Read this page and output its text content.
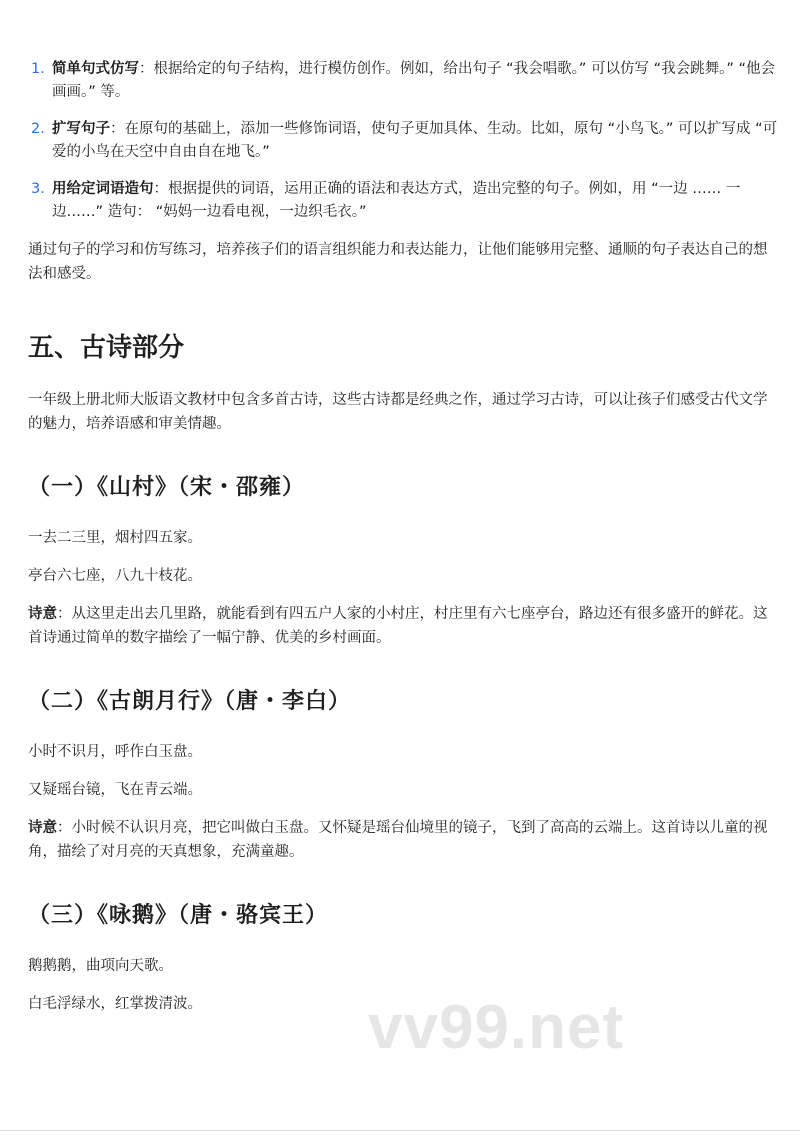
1. 简单句式仿写：根据给定的句子结构，进行模仿创作。例如，给出句子 “我会唱歌。” 可以仿写 “我会跳舞。” “他会画画。” 等。
2. 扩写句子：在原句的基础上，添加一些修饰词语，使句子更加具体、生动。比如，原句 “小鸟飞。” 可以扩写成 “可爱的小鸟在天空中自由自在地飞。”
3. 用给定词语造句：根据提供的词语，运用正确的语法和表达方式，造出完整的句子。例如，用 “一边 …… 一边……” 造句： “妈妈一边看电视，一边织毛衣。”

通过句子的学习和仿写练习，培养孩子们的语言组织能力和表达能力，让他们能够用完整、通顺的句子表达自己的想法和感受。

五、古诗部分

一年级上册北师大版语文教材中包含多首古诗，这些古诗都是经典之作，通过学习古诗，可以让孩子们感受古代文学的魅力，培养语感和审美情趣。

（一）《山村》（宋・邵雍）

一去二三里，烟村四五家。

亭台六七座，八九十枝花。

诗意：从这里走出去几里路，就能看到有四五户人家的小村庄，村庄里有六七座亭台，路边还有很多盛开的鲜花。这首诗通过简单的数字描绘了一幅宁静、优美的乡村画面。

（二）《古朗月行》（唐・李白）

小时不识月，呼作白玉盘。

又疑瑶台镜，飞在青云端。

诗意：小时候不认识月亮，把它叫做白玉盘。又怀疑是瑶台仙境里的镜子，飞到了高高的云端上。这首诗以儿童的视角，描绘了对月亮的天真想象，充满童趣。

（三）《咏鹅》（唐・骆宾王）

鹅鹅鹅，曲项向天歌。

白毛浮绿水，红掌拨清波。	vv99.net
